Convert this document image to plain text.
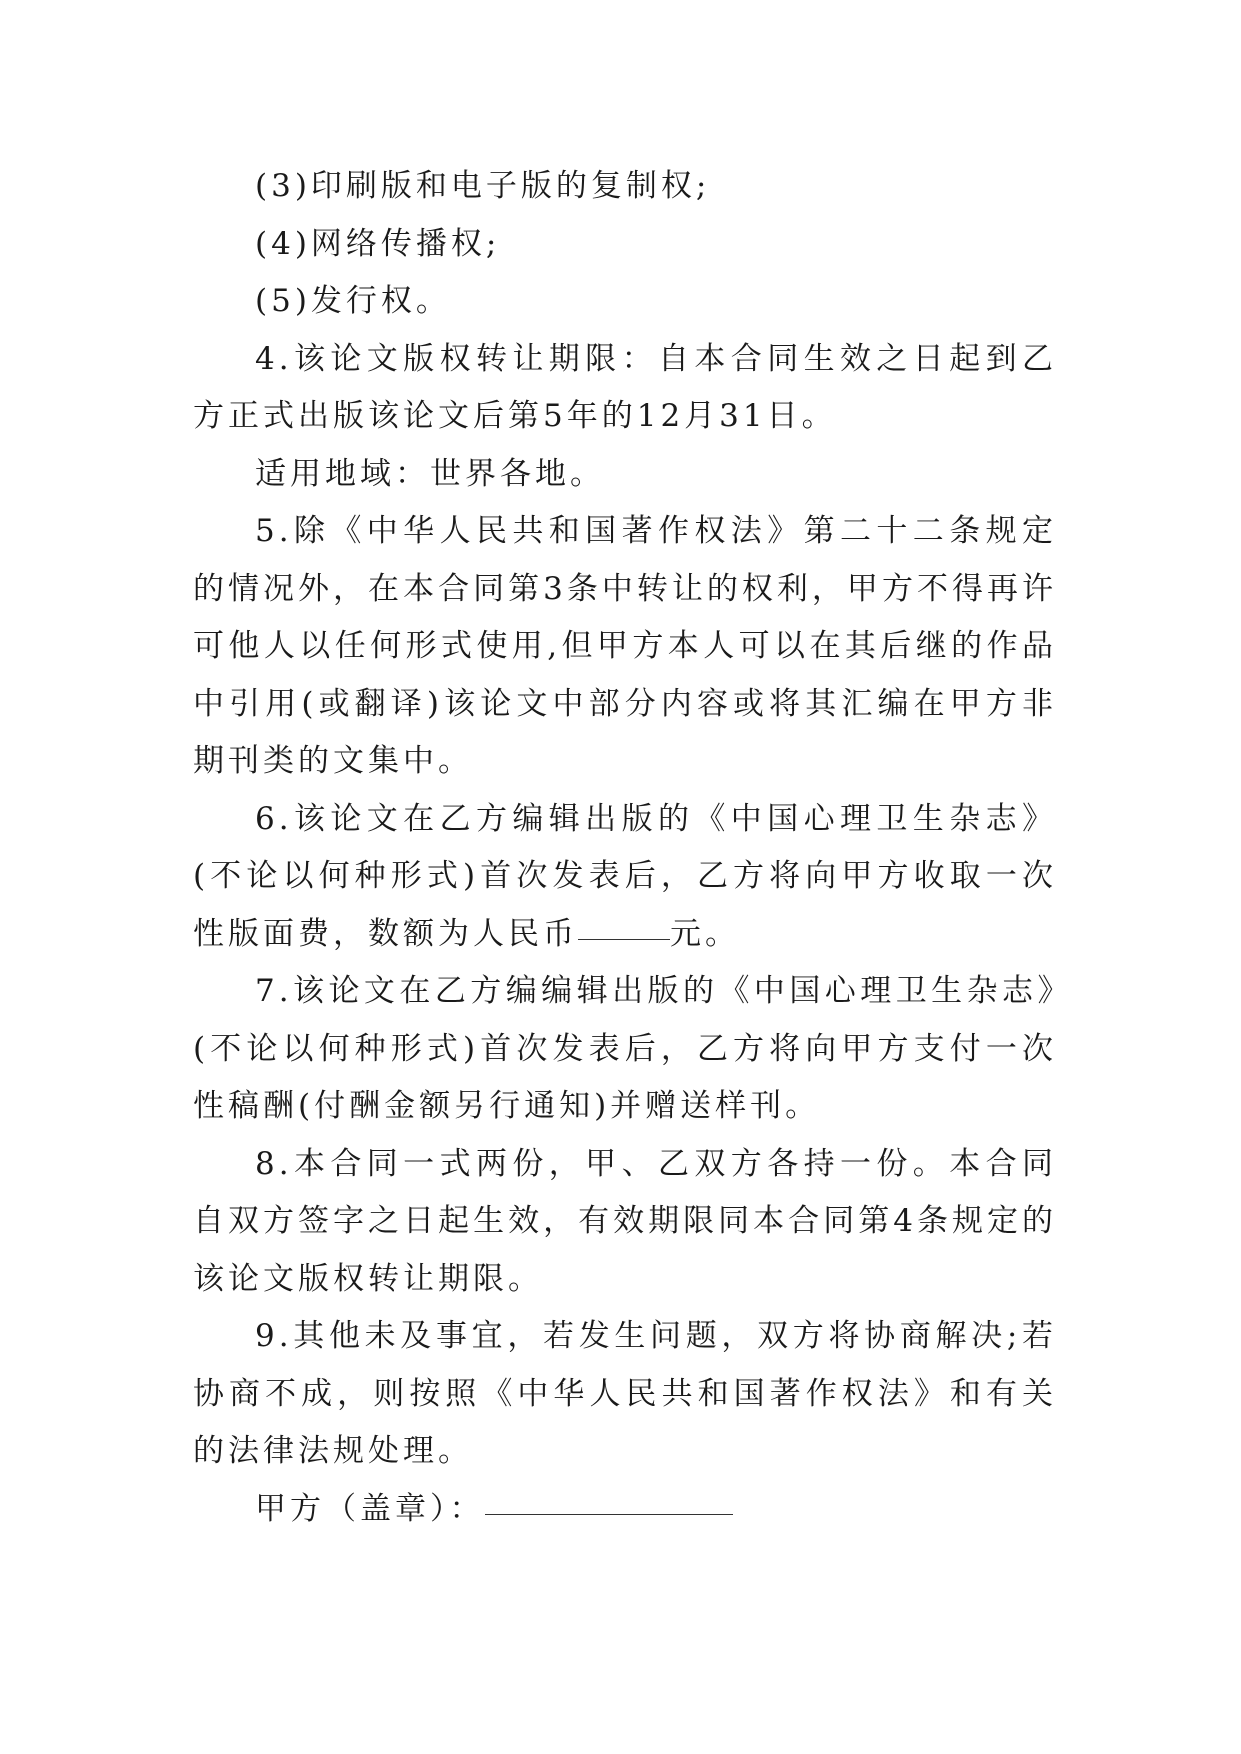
(3)印刷版和电子版的复制权;

(4)网络传播权;

(5)发行权。

4.该论文版权转让期限：自本合同生效之日起到乙方正式出版该论文后第5年的12月31日。

适用地域：世界各地。

5.除《中华人民共和国著作权法》第二十二条规定的情况外，在本合同第3条中转让的权利，甲方不得再许可他人以任何形式使用,但甲方本人可以在其后继的作品中引用(或翻译)该论文中部分内容或将其汇编在甲方非期刊类的文集中。

6.该论文在乙方编辑出版的《中国心理卫生杂志》(不论以何种形式)首次发表后，乙方将向甲方收取一次性版面费，数额为人民币	元。

7.该论文在乙方编编辑出版的《中国心理卫生杂志》(不论以何种形式)首次发表后，乙方将向甲方支付一次性稿酬(付酬金额另行通知)并赠送样刊。

8.本合同一式两份，甲、乙双方各持一份。本合同自双方签字之日起生效，有效期限同本合同第4条规定的该论文版权转让期限。

9.其他未及事宜，若发生问题，双方将协商解决;若协商不成，则按照《中华人民共和国著作权法》和有关的法律法规处理。

甲方（盖章）：
